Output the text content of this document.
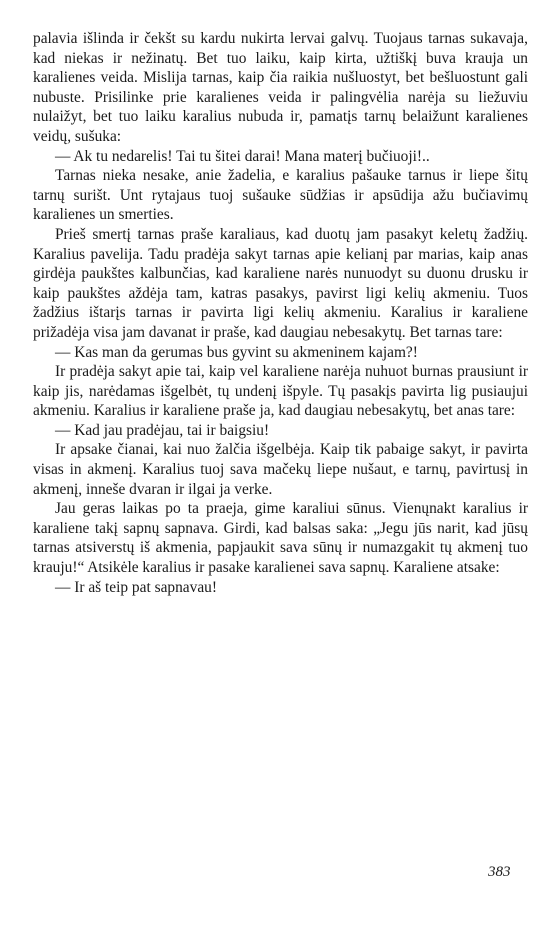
palavia išlinda ir čekšt su kardu nukirta lervai galvų. Tuojaus tarnas sukavaja, kad niekas ir nežinatų. Bet tuo laiku, kaip kirta, užtiškį buva krauja un karalienes veida. Mislija tarnas, kaip čia raikia nušluostyt, bet bešluostunt gali nubuste. Prisilinke prie karalienes veida ir palingvėlia narėja su liežuviu nulaižyt, bet tuo laiku karalius nubuda ir, pamatįs tarnų belaižunt karalienes veidų, sušuka:

— Ak tu nedarelis! Tai tu šitei darai! Mana materį bučiuoji!..

Tarnas nieka nesake, anie žadelia, e karalius pašauke tarnus ir liepe šitų tarnų surišt. Unt rytajaus tuoj sušauke sūdžias ir apsūdija ažu bučiavimų karalienes un smerties.

Prieš smertį tarnas praše karaliaus, kad duotų jam pasakyt keletų žadžių. Karalius pavelija. Tadu pradėja sakyt tarnas apie kelianį par marias, kaip anas girdėja paukštes kalbunčias, kad karaliene narės nunuodyt su duonu drusku ir kaip paukštes aždėja tam, katras pasakys, pavirst ligi kelių akmeniu. Tuos žadžius ištarįs tarnas ir pavirta ligi kelių akmeniu. Karalius ir karaliene prižadėja visa jam davanat ir praše, kad daugiau nebesakytų. Bet tarnas tare:

— Kas man da gerumas bus gyvint su akmeninem kajam?!

Ir pradėja sakyt apie tai, kaip vel karaliene narėja nuhuot burnas prausiunt ir kaip jis, narėdamas išgelbėt, tų undenį išpyle. Tų pasakįs pavirta lig pusiaujui akmeniu. Karalius ir karaliene praše ja, kad daugiau nebesakytų, bet anas tare:

— Kad jau pradėjau, tai ir baigsiu!

Ir apsake čianai, kai nuo žalčia išgelbėja. Kaip tik pabaige sakyt, ir pavirta visas in akmenį. Karalius tuoj sava mačekų liepe nušaut, e tarnų, pavirtusį in akmenį, inneše dvaran ir ilgai ja verke.

Jau geras laikas po ta praeja, gime karaliui sūnus. Vienųnakt karalius ir karaliene takį sapnų sapnava. Girdi, kad balsas saka: „Jegu jūs narit, kad jūsų tarnas atsiverstų iš akmenia, papjaukit sava sūnų ir numazgakit tų akmenį tuo krauju!“ Atsikėle karalius ir pasake karalienei sava sapnų. Karaliene atsake:

— Ir aš teip pat sapnavau!

383
